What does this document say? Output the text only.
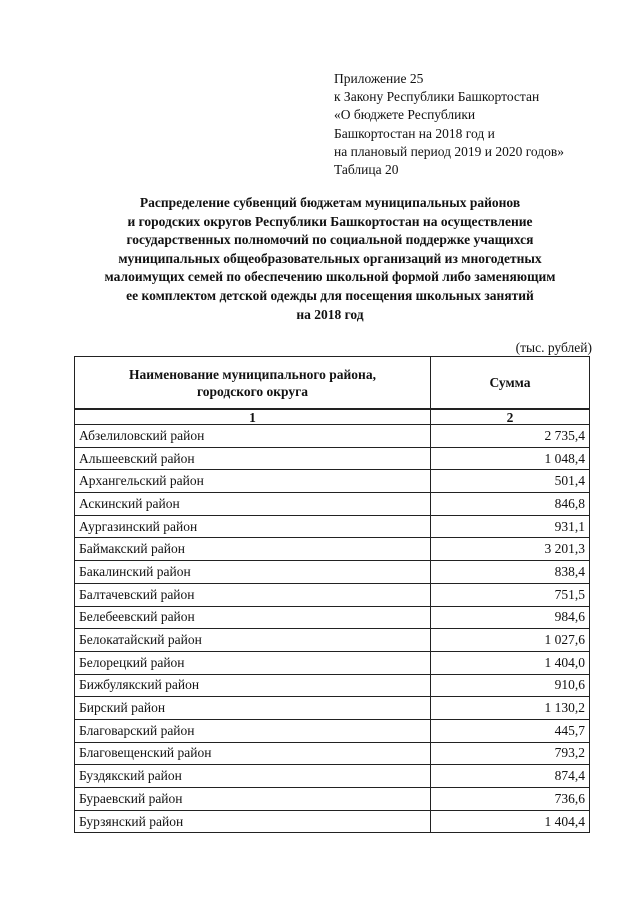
Приложение 25
к Закону Республики Башкортостан
«О бюджете Республики
Башкортостан на 2018 год и
на плановый период 2019 и 2020 годов»
Таблица 20
Распределение субвенций бюджетам муниципальных районов
и городских округов Республики Башкортостан на осуществление
государственных полномочий по социальной поддержке учащихся
муниципальных общеобразовательных организаций из многодетных
малоимущих семей по обеспечению школьной формой либо заменяющим
ее комплектом детской одежды для посещения школьных занятий
на 2018 год
(тыс. рублей)
Наименование муниципального района,
городского округа	Сумма
1	2
Абзелиловский район	2 735,4
Альшеевский район	1 048,4
Архангельский район	501,4
Аскинский район	846,8
Аургазинский район	931,1
Баймакский район	3 201,3
Бакалинский район	838,4
Балтачевский район	751,5
Белебеевский район	984,6
Белокатайский район	1 027,6
Белорецкий район	1 404,0
Бижбулякский район	910,6
Бирский район	1 130,2
Благоварский район	445,7
Благовещенский район	793,2
Буздякский район	874,4
Бураевский район	736,6
Бурзянский район	1 404,4
